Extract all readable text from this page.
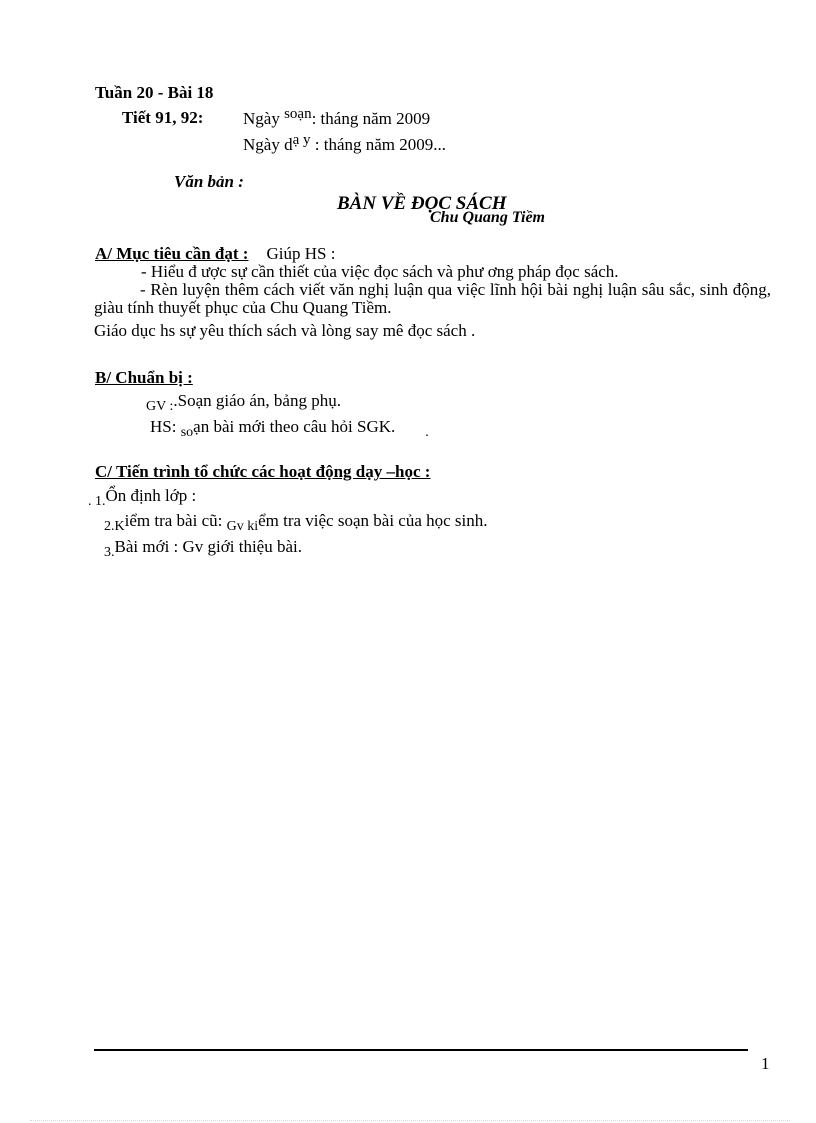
Tuần 20 - Bài 18
Tiết 91, 92: Ngày soạn: tháng năm 2009
Ngày dạ y : tháng năm 2009...
Văn bản :
BÀN VỀ ĐỌC SÁCH
Chu Quang Tiềm
A/ Mục tiêu cần đạt : Giúp HS :
- Hiểu đ ược sự cần thiết của việc đọc sách và phư ơng pháp đọc sách.
- Rèn luyện thêm cách viết văn nghị luận qua việc lĩnh hội bài nghị luận sâu sắc, sinh động, giàu tính thuyết phục của Chu Quang Tiềm.
Giáo dục hs sự yêu thích sách và lòng say mê đọc sách .
B/ Chuẩn bị :
$_{GV :}$.Soạn giáo án, bảng phụ.
HS: $_{so}$ạn bài mới theo câu hỏi SGK. $_.$
C/ Tiến trình tổ chức các hoạt động dạy –học :
$_{. 1.}$Ổn định lớp :
$_{2.K}$iểm tra bài cũ: $_{Gv ki}$ểm tra việc soạn bài của học sinh.
$_{3.}$Bài mới : Gv giới thiệu bài.
1
